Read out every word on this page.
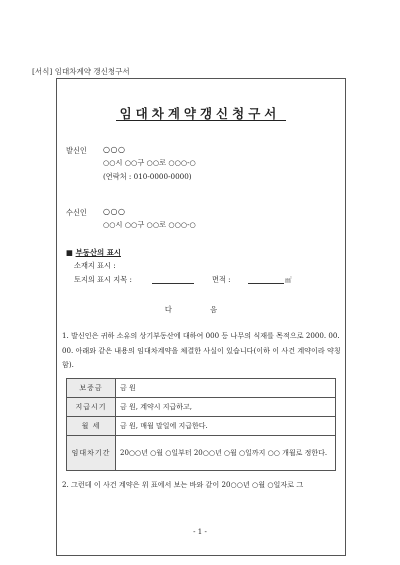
[서식] 임대차계약 갱신청구서
임대차계약갱신청구서
발신인 ○○○
○○시 ○○구 ○○로 ○○○-○
(연락처 : 010-0000-0000)
수신인 ○○○
○○시 ○○구 ○○로 ○○○-○
■ 부동산의 표시
소재지 표시 :
토지의 표시 지목 :	면적 :	㎡
다 음
1. 발신인은 귀하 소유의 상기부동산에 대하여 000 등 나무의 식재를 목적으로 2000. 00. 00. 아래와 같은 내용의 임대차계약을 체결한 사실이 있습니다(이하 이 사건 계약이라 약칭함).
보증금	금 원
지급시기	금 원, 계약시 지급하고,
월 세	금 원, 매월 말일에 지급한다.
임대차기간	20○○년 ○월 ○일부터 20○○년 ○월 ○일까지 ○○ 개월로 정한다.
2. 그런데 이 사건 계약은 위 표에서 보는 바와 같이 20○○년 ○월 ○일자로 그
- 1 -
